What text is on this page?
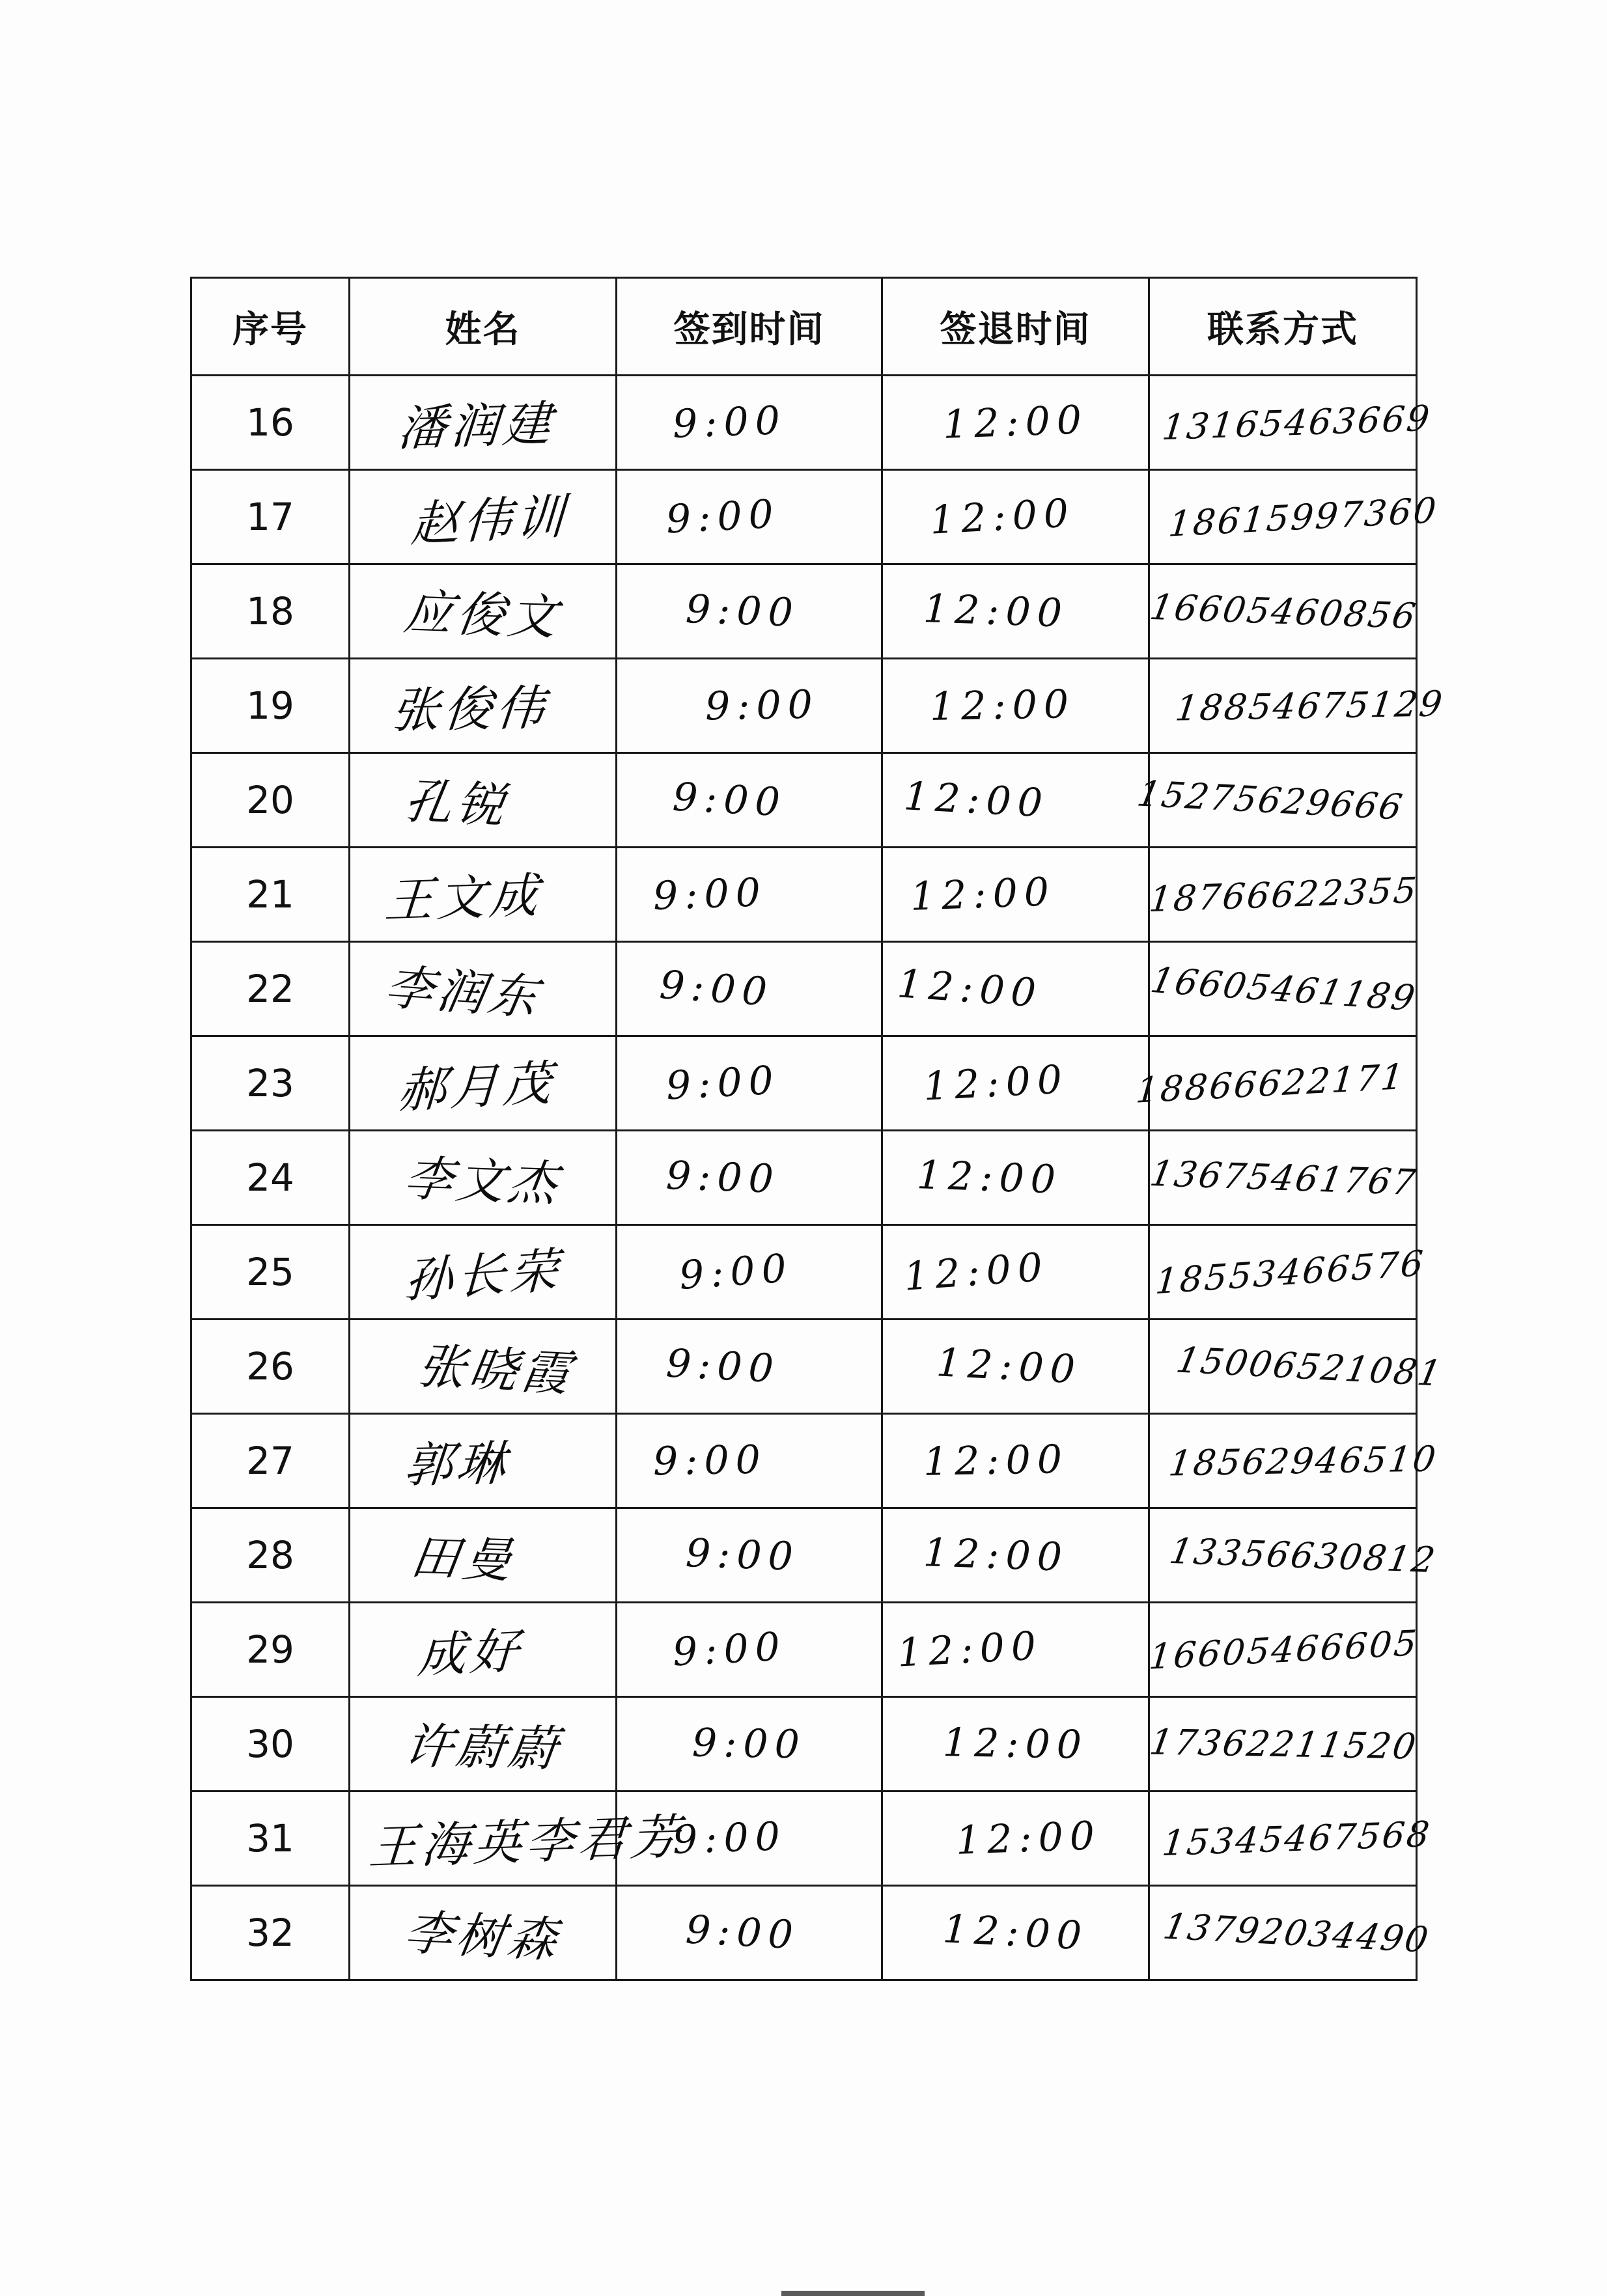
序号	姓名	签到时间	签退时间	联系方式
16	潘润建	9:00	12:00	13165463669
17	赵伟训	9:00	12:00	18615997360
18	应俊文	9:00	12:00	16605460856
19	张俊伟	9:00	12:00	18854675129
20	孔锐	9:00	12:00	15275629666
21	王文成	9:00	12:00	18766622355
22	李润东	9:00	12:00	16605461189
23	郝月茂	9:00	12:00	18866622171
24	李文杰	9:00	12:00	13675461767
25	孙长荣	9:00	12:00	18553466576
26	张晓霞	9:00	12:00	15006521081
27	郭琳	9:00	12:00	18562946510
28	田曼	9:00	12:00	13356630812
29	成好	9:00	12:00	16605466605
30	许蔚蔚	9:00	12:00	17362211520
31	王海英李君芳	9:00	12:00	15345467568
32	李树森	9:00	12:00	13792034490
